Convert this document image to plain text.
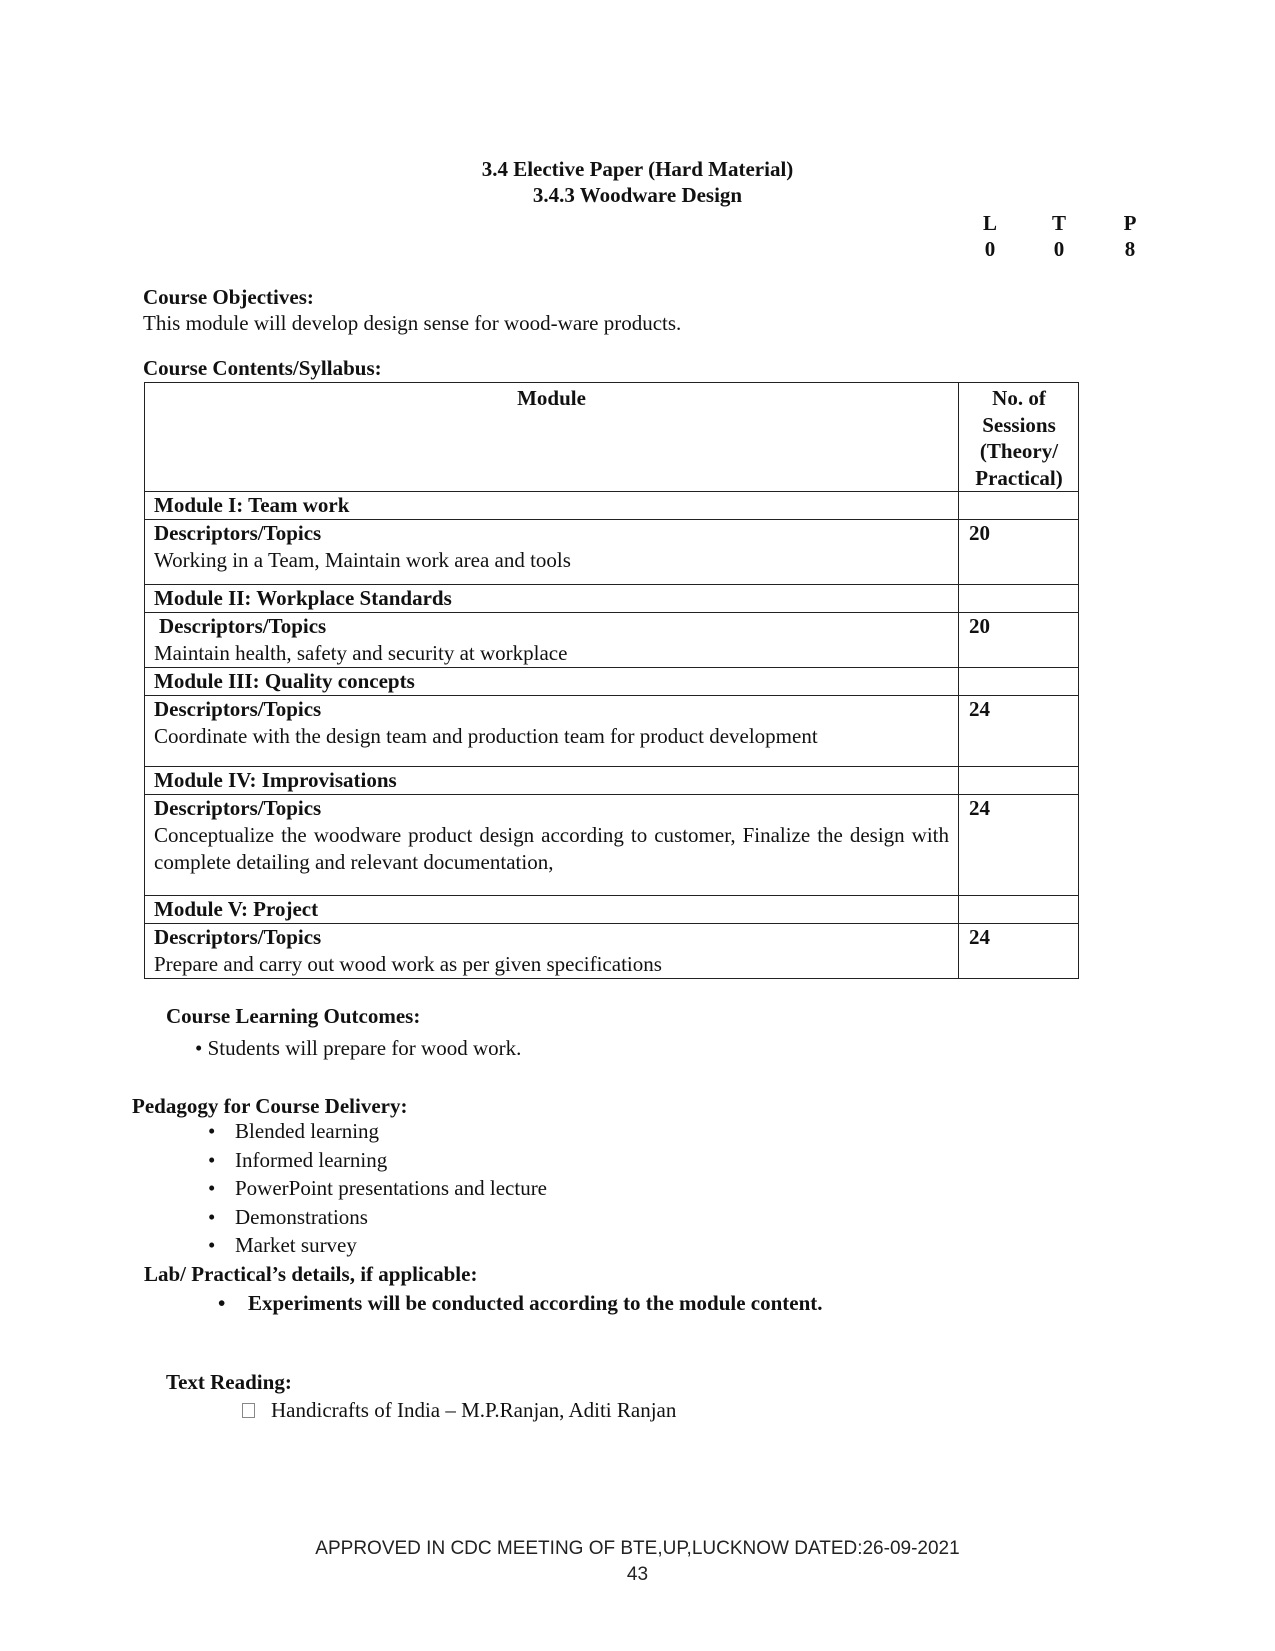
3.4 Elective Paper (Hard Material)
3.4.3 Woodware Design
L	T	P
0	0	8
Course Objectives:
This module will develop design sense for wood-ware products.
Course Contents/Syllabus:
Module	No. of
Sessions
(Theory/
Practical)

Module I: Team work	

Descriptors/Topics
Working in a Team, Maintain work area and tools	20
Module II: Workplace Standards	

Descriptors/Topics
Maintain health, safety and security at workplace	20
Module III: Quality concepts	

Descriptors/Topics
Coordinate with the design team and production team for product development	24
Module IV: Improvisations	

Descriptors/Topics
Conceptualize the woodware product design according to customer, Finalize the design with complete detailing and relevant documentation,	24
Module V: Project	

Descriptors/Topics
Prepare and carry out wood work as per given specifications	24
Course Learning Outcomes:
• Students will prepare for wood work.
Pedagogy for Course Delivery:
• Blended learning
• Informed learning
• PowerPoint presentations and lecture
• Demonstrations
• Market survey
Lab/ Practical’s details, if applicable:
• Experiments will be conducted according to the module content.
Text Reading:
Handicrafts of India – M.P.Ranjan, Aditi Ranjan
APPROVED IN CDC MEETING OF BTE,UP,LUCKNOW DATED:26-09-2021
43
